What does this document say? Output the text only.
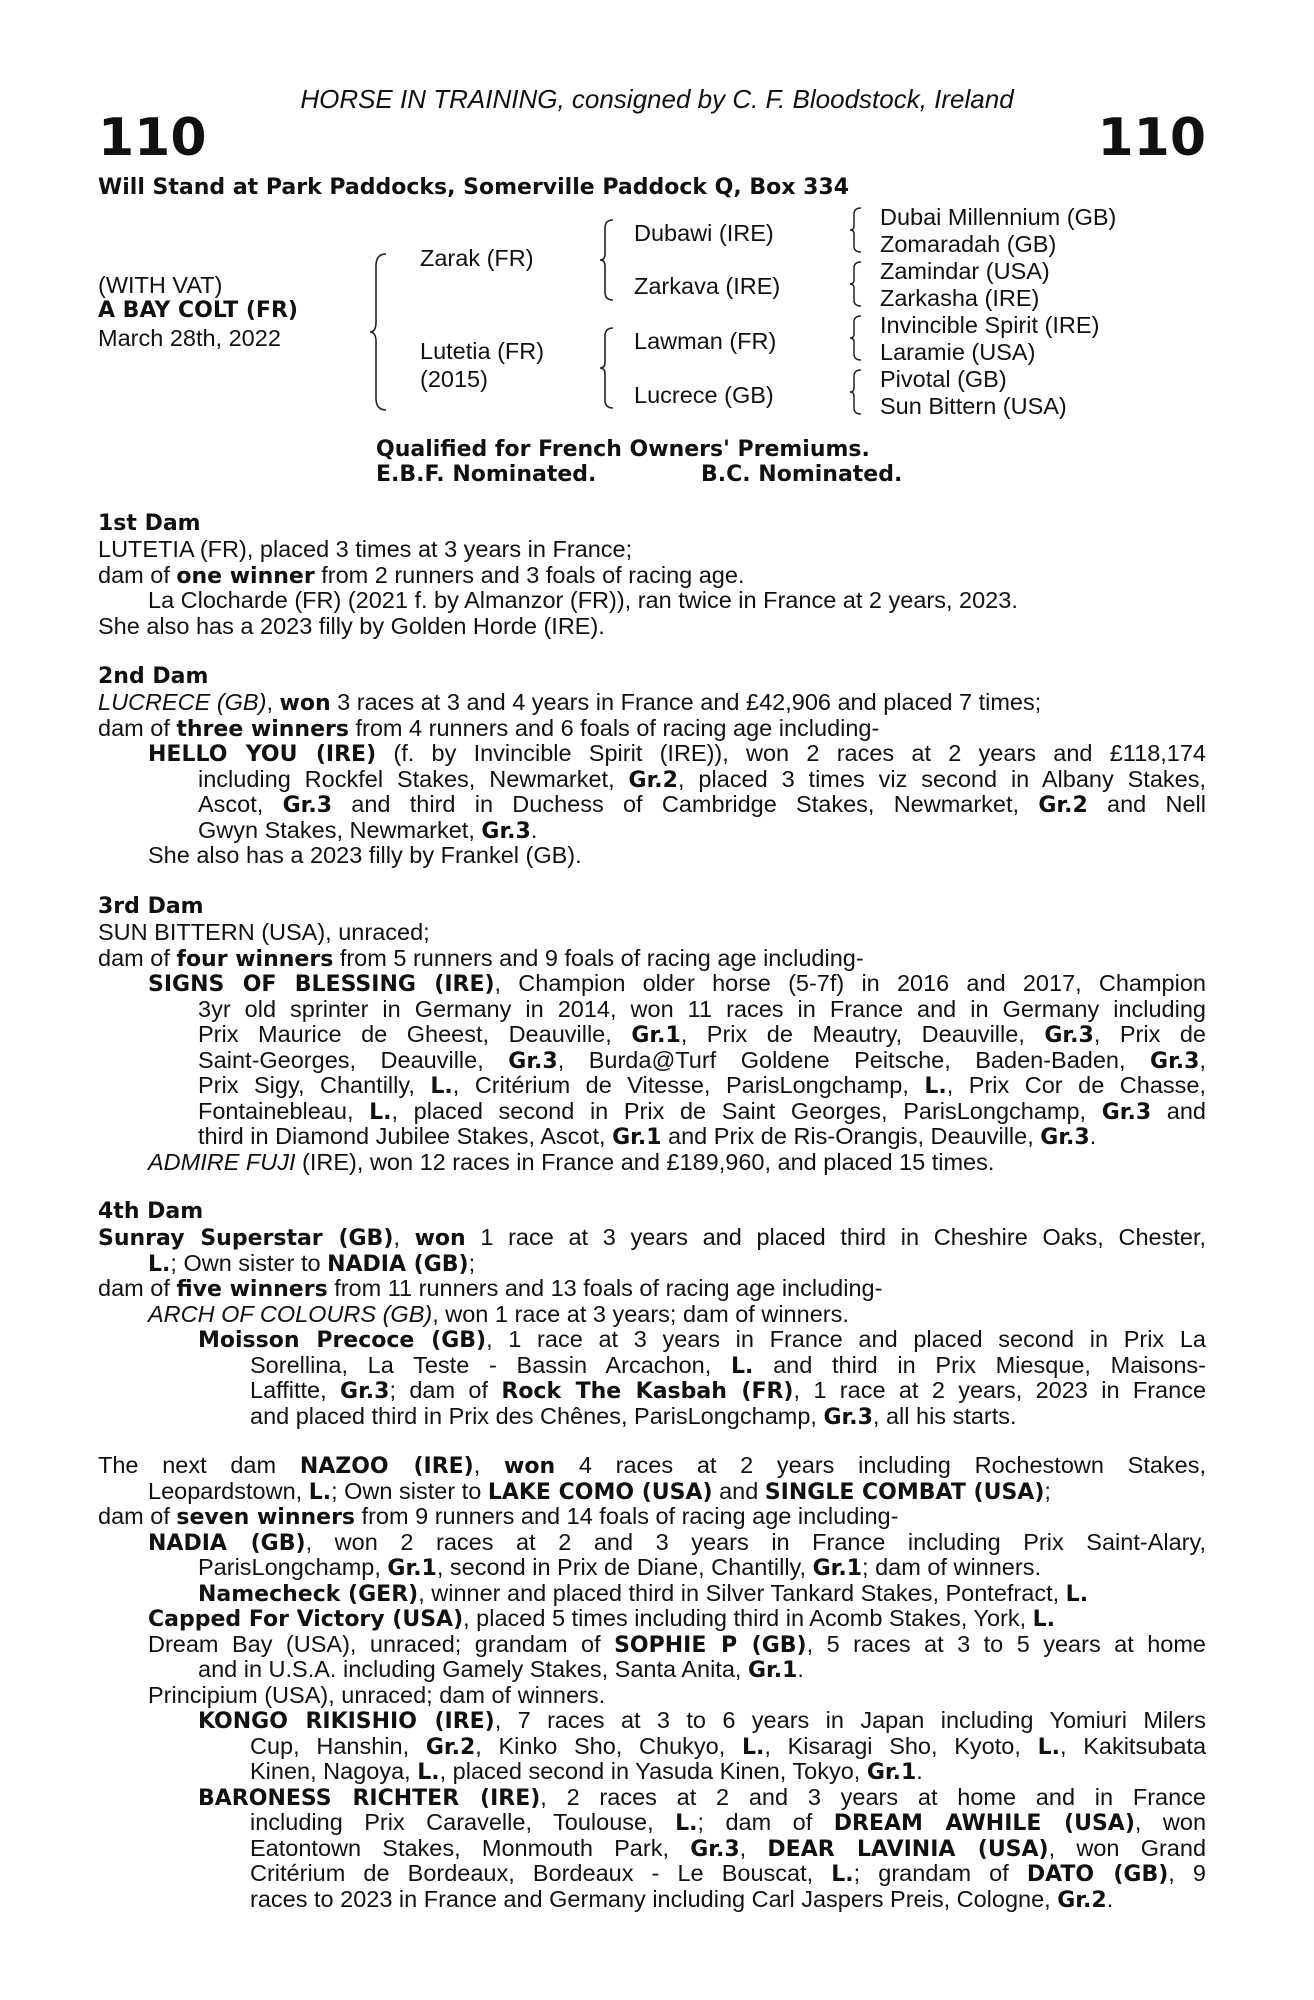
HORSE IN TRAINING, consigned by C. F. Bloodstock, Ireland
110	110
Will Stand at Park Paddocks, Somerville Paddock Q, Box 334
(WITH VAT)
A BAY COLT (FR)
March 28th, 2022
Zarak (FR)
Lutetia (FR)
(2015)
Dubawi (IRE)
Zarkava (IRE)
Lawman (FR)
Lucrece (GB)
Dubai Millennium (GB)
Zomaradah (GB)
Zamindar (USA)
Zarkasha (IRE)
Invincible Spirit (IRE)
Laramie (USA)
Pivotal (GB)
Sun Bittern (USA)
Qualified for French Owners' Premiums.
E.B.F. Nominated.	B.C. Nominated.
1st Dam
LUTETIA (FR), placed 3 times at 3 years in France;
dam of one winner from 2 runners and 3 foals of racing age.
La Clocharde (FR) (2021 f. by Almanzor (FR)), ran twice in France at 2 years, 2023.
She also has a 2023 filly by Golden Horde (IRE).
2nd Dam
LUCRECE (GB), won 3 races at 3 and 4 years in France and £42,906 and placed 7 times;
dam of three winners from 4 runners and 6 foals of racing age including-
HELLO YOU (IRE) (f. by Invincible Spirit (IRE)), won 2 races at 2 years and £118,174
including Rockfel Stakes, Newmarket, Gr.2, placed 3 times viz second in Albany Stakes,
Ascot, Gr.3 and third in Duchess of Cambridge Stakes, Newmarket, Gr.2 and Nell
Gwyn Stakes, Newmarket, Gr.3.
She also has a 2023 filly by Frankel (GB).
3rd Dam
SUN BITTERN (USA), unraced;
dam of four winners from 5 runners and 9 foals of racing age including-
SIGNS OF BLESSING (IRE), Champion older horse (5-7f) in 2016 and 2017, Champion
3yr old sprinter in Germany in 2014, won 11 races in France and in Germany including
Prix Maurice de Gheest, Deauville, Gr.1, Prix de Meautry, Deauville, Gr.3, Prix de
Saint-Georges, Deauville, Gr.3, Burda@Turf Goldene Peitsche, Baden-Baden, Gr.3,
Prix Sigy, Chantilly, L., Critérium de Vitesse, ParisLongchamp, L., Prix Cor de Chasse,
Fontainebleau, L., placed second in Prix de Saint Georges, ParisLongchamp, Gr.3 and
third in Diamond Jubilee Stakes, Ascot, Gr.1 and Prix de Ris-Orangis, Deauville, Gr.3.
ADMIRE FUJI (IRE), won 12 races in France and £189,960, and placed 15 times.
4th Dam
Sunray Superstar (GB), won 1 race at 3 years and placed third in Cheshire Oaks, Chester,
L.; Own sister to NADIA (GB);
dam of five winners from 11 runners and 13 foals of racing age including-
ARCH OF COLOURS (GB), won 1 race at 3 years; dam of winners.
Moisson Precoce (GB), 1 race at 3 years in France and placed second in Prix La
Sorellina, La Teste - Bassin Arcachon, L. and third in Prix Miesque, Maisons-
Laffitte, Gr.3; dam of Rock The Kasbah (FR), 1 race at 2 years, 2023 in France
and placed third in Prix des Chênes, ParisLongchamp, Gr.3, all his starts.
The next dam NAZOO (IRE), won 4 races at 2 years including Rochestown Stakes,
Leopardstown, L.; Own sister to LAKE COMO (USA) and SINGLE COMBAT (USA);
dam of seven winners from 9 runners and 14 foals of racing age including-
NADIA (GB), won 2 races at 2 and 3 years in France including Prix Saint-Alary,
ParisLongchamp, Gr.1, second in Prix de Diane, Chantilly, Gr.1; dam of winners.
Namecheck (GER), winner and placed third in Silver Tankard Stakes, Pontefract, L.
Capped For Victory (USA), placed 5 times including third in Acomb Stakes, York, L.
Dream Bay (USA), unraced; grandam of SOPHIE P (GB), 5 races at 3 to 5 years at home
and in U.S.A. including Gamely Stakes, Santa Anita, Gr.1.
Principium (USA), unraced; dam of winners.
KONGO RIKISHIO (IRE), 7 races at 3 to 6 years in Japan including Yomiuri Milers
Cup, Hanshin, Gr.2, Kinko Sho, Chukyo, L., Kisaragi Sho, Kyoto, L., Kakitsubata
Kinen, Nagoya, L., placed second in Yasuda Kinen, Tokyo, Gr.1.
BARONESS RICHTER (IRE), 2 races at 2 and 3 years at home and in France
including Prix Caravelle, Toulouse, L.; dam of DREAM AWHILE (USA), won
Eatontown Stakes, Monmouth Park, Gr.3, DEAR LAVINIA (USA), won Grand
Critérium de Bordeaux, Bordeaux - Le Bouscat, L.; grandam of DATO (GB), 9
races to 2023 in France and Germany including Carl Jaspers Preis, Cologne, Gr.2.
